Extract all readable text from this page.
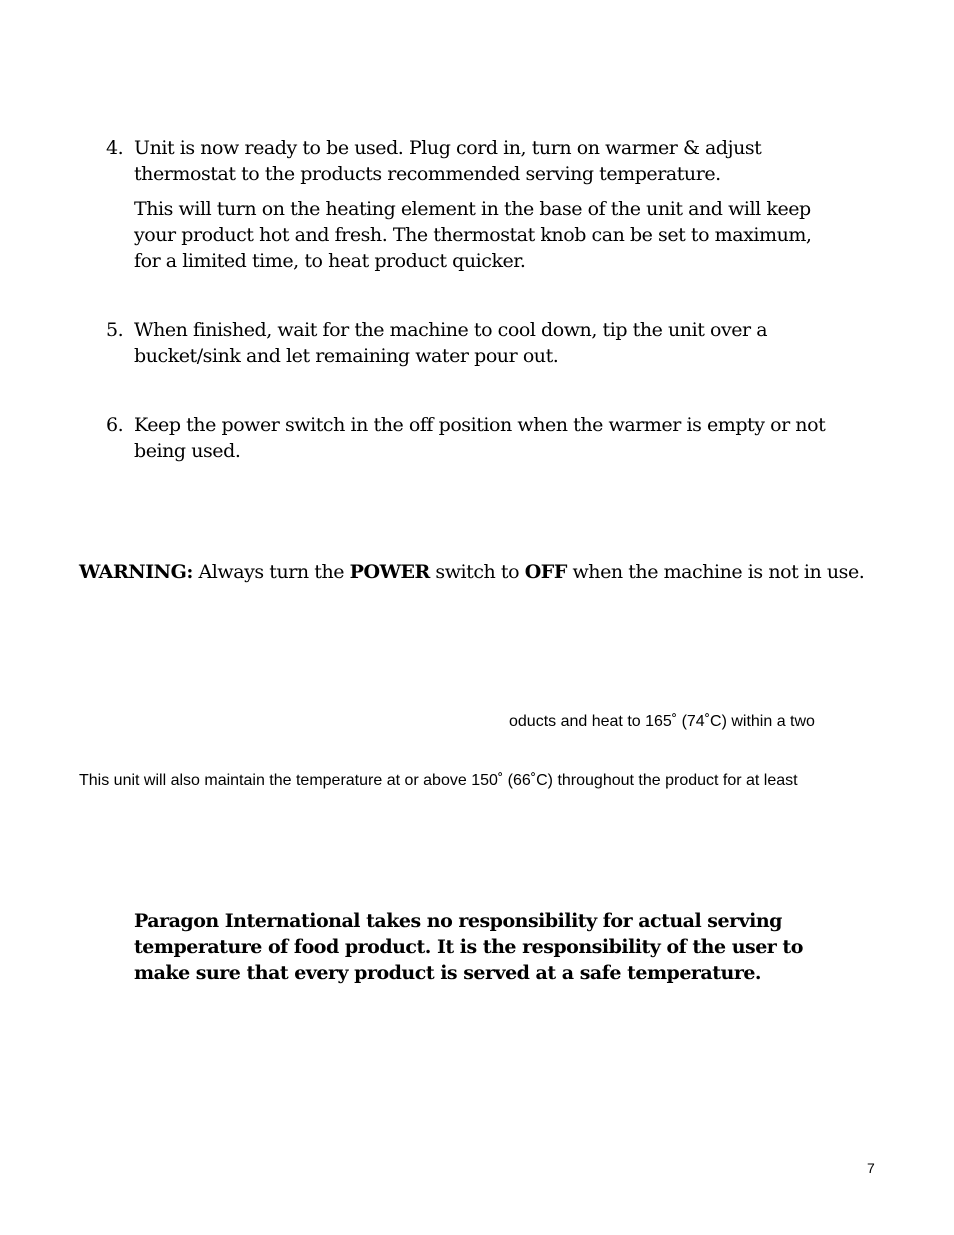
4. Unit is now ready to be used. Plug cord in, turn on warmer & adjust thermostat to the products recommended serving temperature.
This will turn on the heating element in the base of the unit and will keep your product hot and fresh. The thermostat knob can be set to maximum, for a limited time, to heat product quicker.
5. When finished, wait for the machine to cool down, tip the unit over a bucket/sink and let remaining water pour out.
6. Keep the power switch in the off position when the warmer is empty or not being used.
WARNING: Always turn the POWER switch to OFF when the machine is not in use.
oducts and heat to 165˚ (74˚C) within a two
This unit will also maintain the temperature at or above 150˚ (66˚C) throughout the product for at least
Paragon International takes no responsibility for actual serving temperature of food product. It is the responsibility of the user to make sure that every product is served at a safe temperature.
7
